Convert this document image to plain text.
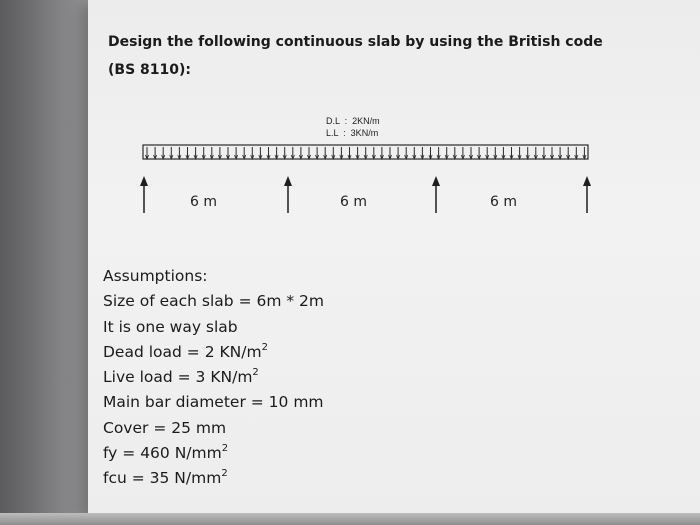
Design the following continuous slab by using the British code
(BS 8110):
D.L  :  2KN/m
L.L  :  3KN/m
6 m	6 m	6 m
Assumptions:
Size of each slab = 6m * 2m
It is one way slab
Dead load = 2 $KN/m^2$
Live load = 3 $KN/m^2$
Main bar diameter = 10 mm
Cover = 25 mm
fy = 460 $N/mm^2$
fcu = 35 $N/mm^2$
